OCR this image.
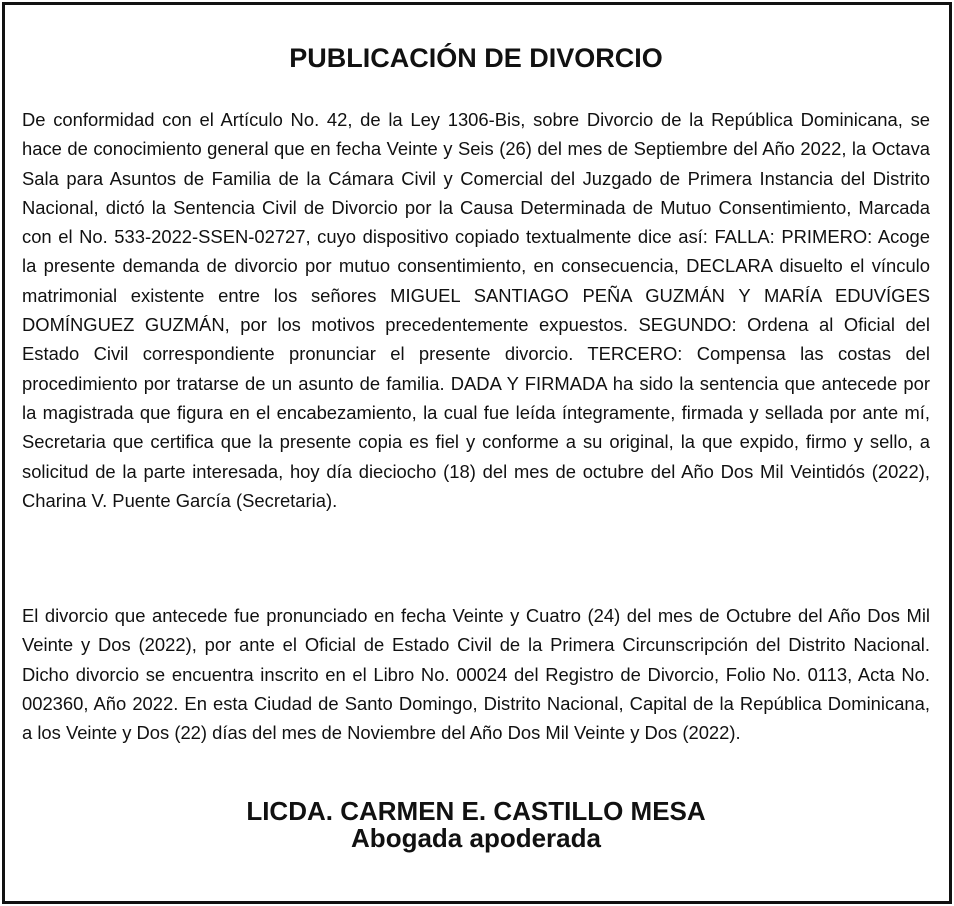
PUBLICACIÓN DE DIVORCIO

De conformidad con el Artículo No. 42, de la Ley 1306-Bis, sobre Divorcio de la República Dominicana, se hace de conocimiento general que en fecha Veinte y Seis (26) del mes de Septiembre del Año 2022, la Octava Sala para Asuntos de Familia de la Cámara Civil y Comercial del Juzgado de Primera Instancia del Distrito Nacional, dictó la Sentencia Civil de Divorcio por la Causa Determinada de Mutuo Consentimiento, Marcada con el No. 533-2022-SSEN-02727, cuyo dispositivo copiado textualmente dice así: FALLA: PRIMERO: Acoge la presente demanda de divorcio por mutuo consentimiento, en consecuencia, DECLARA disuelto el vínculo matrimonial existente entre los señores MIGUEL SANTIAGO PEÑA GUZMÁN Y MARÍA EDUVÍGES DOMÍNGUEZ GUZMÁN, por los motivos precedentemente expuestos. SEGUNDO: Ordena al Oficial del Estado Civil correspondiente pronunciar el presente divorcio. TERCERO: Compensa las costas del procedimiento por tratarse de un asunto de familia. DADA Y FIRMADA ha sido la sentencia que antecede por la magistrada que figura en el encabezamiento, la cual fue leída íntegramente, firmada y sellada por ante mí, Secretaria que certifica que la presente copia es fiel y conforme a su original, la que expido, firmo y sello, a solicitud de la parte interesada, hoy día dieciocho (18) del mes de octubre del Año Dos Mil Veintidós (2022), Charina V. Puente García (Secretaria).

El divorcio que antecede fue pronunciado en fecha Veinte y Cuatro (24) del mes de Octubre del Año Dos Mil Veinte y Dos (2022), por ante el Oficial de Estado Civil de la Primera Circunscripción del Distrito Nacional. Dicho divorcio se encuentra inscrito en el Libro No. 00024 del Registro de Divorcio, Folio No. 0113, Acta No. 002360, Año 2022. En esta Ciudad de Santo Domingo, Distrito Nacional, Capital de la República Dominicana, a los Veinte y Dos (22) días del mes de Noviembre del Año Dos Mil Veinte y Dos (2022).

LICDA. CARMEN E. CASTILLO MESA
Abogada apoderada
